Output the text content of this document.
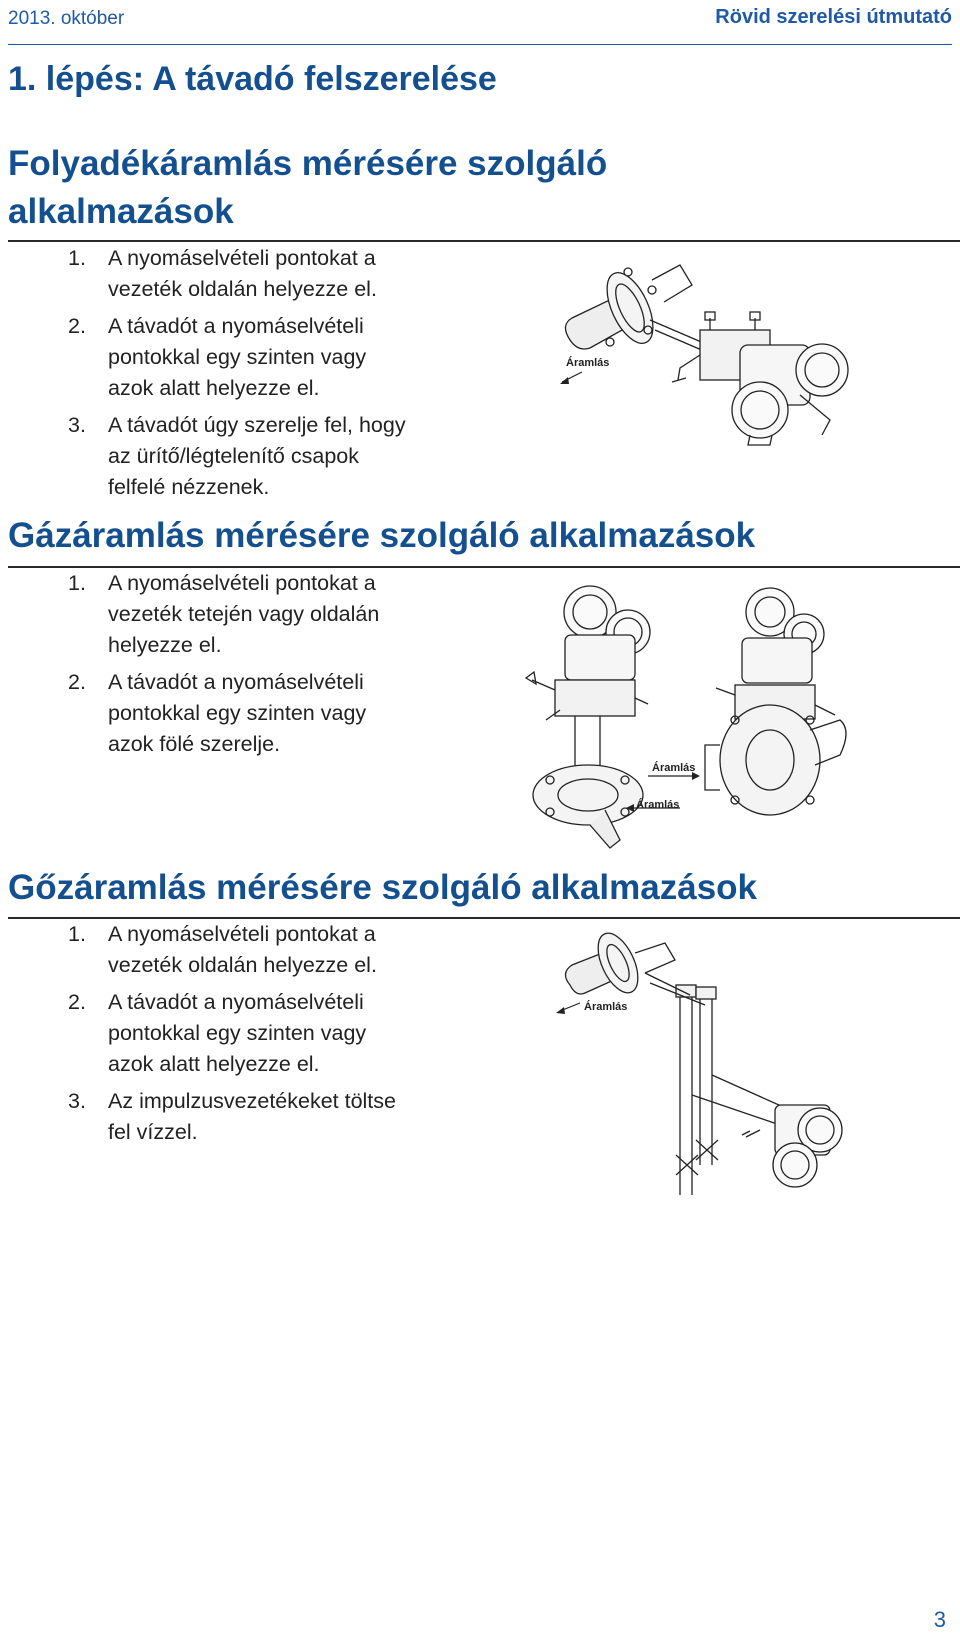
2013. október	Rövid szerelési útmutató
1. lépés: A távadó felszerelése
Folyadékáramlás mérésére szolgáló
alkalmazások
1. A nyomáselvételi pontokat a
vezeték oldalán helyezze el.
2. A távadót a nyomáselvételi
pontokkal egy szinten vagy
azok alatt helyezze el.
3. A távadót úgy szerelje fel, hogy
az ürítő/légtelenítő csapok
felfelé nézzenek.
Áramlás
Gázáramlás mérésére szolgáló alkalmazások
1. A nyomáselvételi pontokat a
vezeték tetején vagy oldalán
helyezze el.
2. A távadót a nyomáselvételi
pontokkal egy szinten vagy
azok fölé szerelje.
Áramlás
Áramlás
Gőzáramlás mérésére szolgáló alkalmazások
1. A nyomáselvételi pontokat a
vezeték oldalán helyezze el.
2. A távadót a nyomáselvételi
pontokkal egy szinten vagy
azok alatt helyezze el.
3. Az impulzusvezetékeket töltse
fel vízzel.
Áramlás
3
